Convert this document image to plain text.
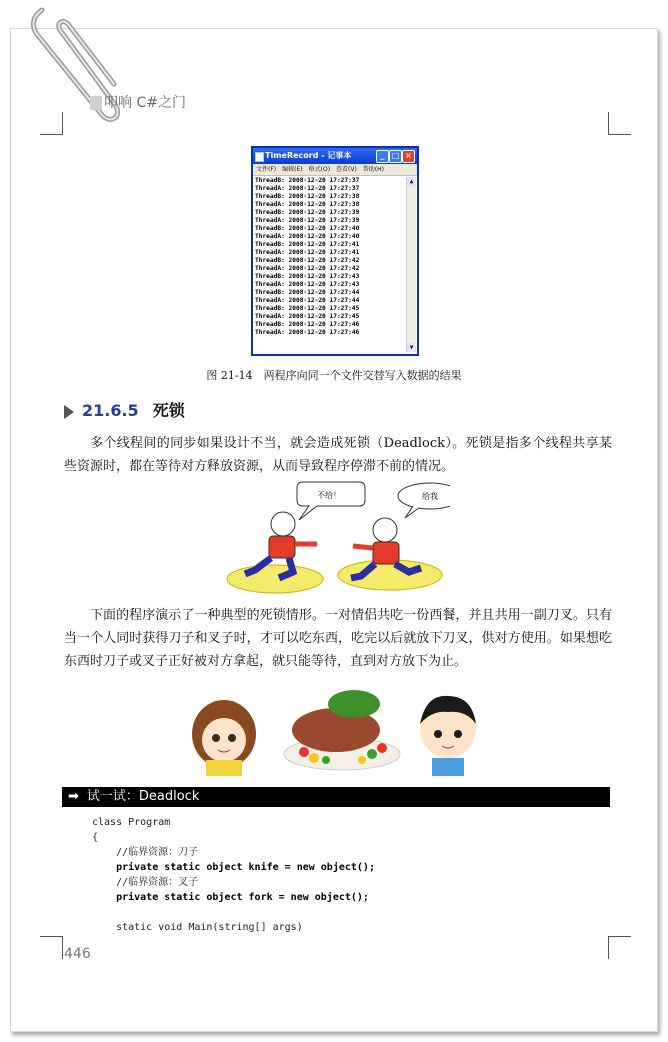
叩响 C#之门
TimeRecord - 记事本	_ □ ×
文件(F) 编辑(E) 格式(O) 查看(V) 帮助(H)
ThreadB: 2008-12-20 17:27:37
ThreadA: 2008-12-20 17:27:37
ThreadB: 2008-12-20 17:27:38
ThreadA: 2008-12-20 17:27:38
ThreadB: 2008-12-20 17:27:39
ThreadA: 2008-12-20 17:27:39
ThreadB: 2008-12-20 17:27:40
ThreadA: 2008-12-20 17:27:40
ThreadB: 2008-12-20 17:27:41
ThreadA: 2008-12-20 17:27:41
ThreadB: 2008-12-20 17:27:42
ThreadA: 2008-12-20 17:27:42
ThreadB: 2008-12-20 17:27:43
ThreadA: 2008-12-20 17:27:43
ThreadB: 2008-12-20 17:27:44
ThreadA: 2008-12-20 17:27:44
ThreadB: 2008-12-20 17:27:45
ThreadA: 2008-12-20 17:27:45
ThreadB: 2008-12-20 17:27:46
ThreadA: 2008-12-20 17:27:46
▲
▼
图 21-14　两程序向同一个文件交替写入数据的结果
21.6.5 死锁
多个线程间的同步如果设计不当，就会造成死锁（Deadlock）。死锁是指多个线程共享某些资源时，都在等待对方释放资源，从而导致程序停滞不前的情况。
不给！	给我
下面的程序演示了一种典型的死锁情形。一对情侣共吃一份西餐，并且共用一副刀叉。只有当一个人同时获得刀子和叉子时，才可以吃东西，吃完以后就放下刀叉，供对方使用。如果想吃东西时刀子或叉子正好被对方拿起，就只能等待，直到对方放下为止。
➡ 试一试：Deadlock
class Program
{
//临界资源：刀子
private static object knife = new object();
//临界资源：叉子
private static object fork = new object();
static void Main(string[] args)
446
